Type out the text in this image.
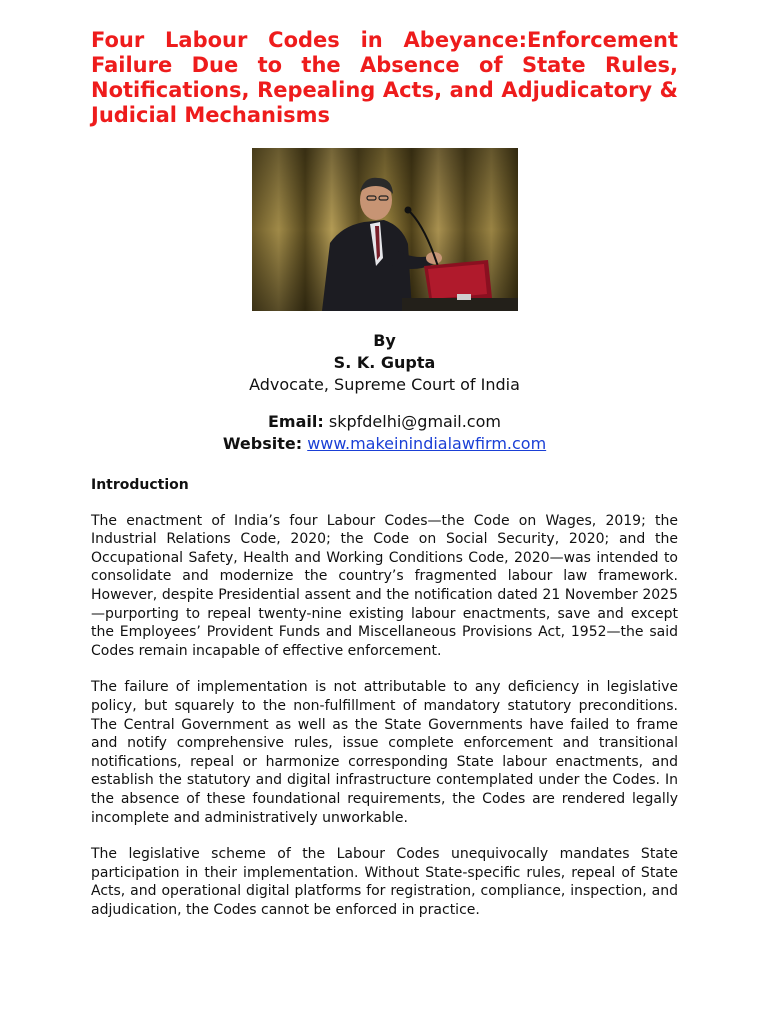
Four Labour Codes in Abeyance:Enforcement Failure Due to the Absence of State Rules, Notifications, Repealing Acts, and Adjudicatory & Judicial Mechanisms
By
S. K. Gupta
Advocate, Supreme Court of India
Email: skpfdelhi@gmail.com
Website: www.makeinindialawfirm.com
Introduction

The enactment of India’s four Labour Codes—the Code on Wages, 2019; the Industrial Relations Code, 2020; the Code on Social Security, 2020; and the Occupational Safety, Health and Working Conditions Code, 2020—was intended to consolidate and modernize the country’s fragmented labour law framework. However, despite Presidential assent and the notification dated 21 November 2025—purporting to repeal twenty-nine existing labour enactments, save and except the Employees’ Provident Funds and Miscellaneous Provisions Act, 1952—the said Codes remain incapable of effective enforcement.

The failure of implementation is not attributable to any deficiency in legislative policy, but squarely to the non-fulfillment of mandatory statutory preconditions. The Central Government as well as the State Governments have failed to frame and notify comprehensive rules, issue complete enforcement and transitional notifications, repeal or harmonize corresponding State labour enactments, and establish the statutory and digital infrastructure contemplated under the Codes. In the absence of these foundational requirements, the Codes are rendered legally incomplete and administratively unworkable.

The legislative scheme of the Labour Codes unequivocally mandates State participation in their implementation. Without State-specific rules, repeal of State Acts, and operational digital platforms for registration, compliance, inspection, and adjudication, the Codes cannot be enforced in practice.
